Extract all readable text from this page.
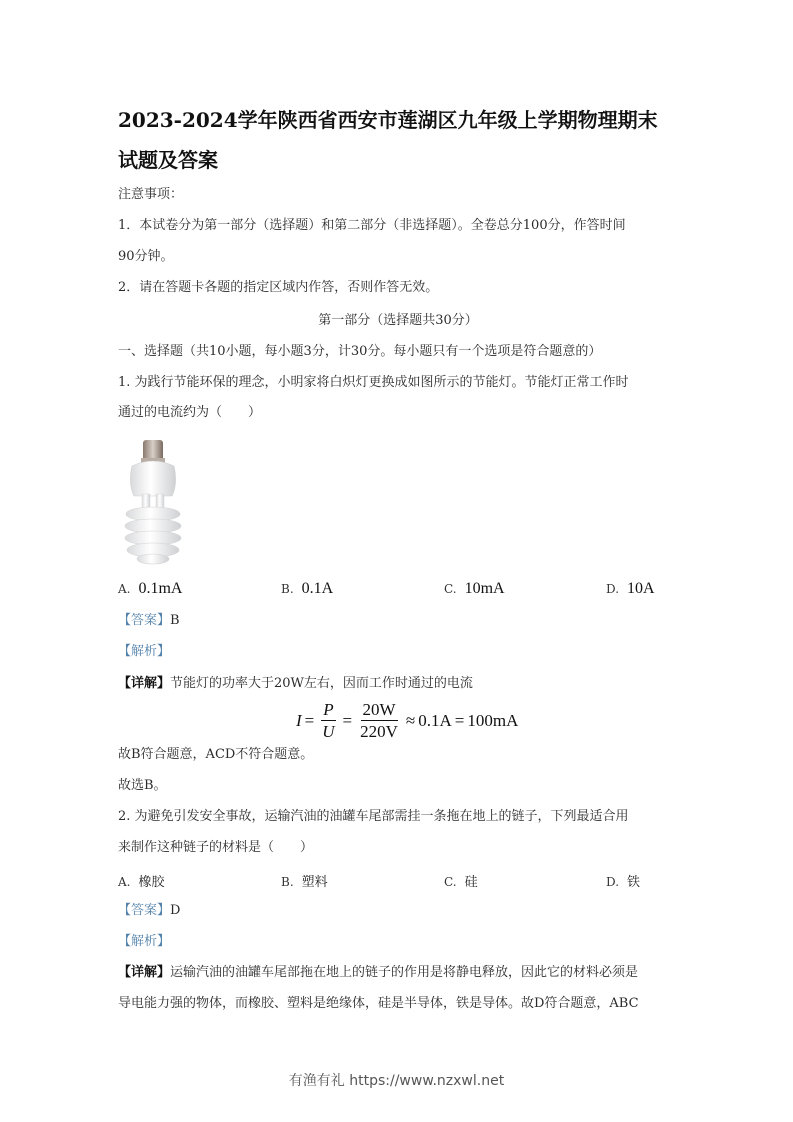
2023-2024学年陕西省西安市莲湖区九年级上学期物理期末
试题及答案
注意事项：
1．本试卷分为第一部分（选择题）和第二部分（非选择题）。全卷总分100分，作答时间
90分钟。
2．请在答题卡各题的指定区域内作答，否则作答无效。
第一部分（选择题共30分）
一、选择题（共10小题，每小题3分，计30分。每小题只有一个选项是符合题意的）
1. 为践行节能环保的理念，小明家将白炽灯更换成如图所示的节能灯。节能灯正常工作时
通过的电流约为（　　）
A. 0.1mA	B. 0.1A	C. 10mA	D. 10A
【答案】B
【解析】
【详解】节能灯的功率大于20W左右，因而工作时通过的电流
$I = \frac{P}{U} = \frac{20W}{220V} \approx 0.1A = 100mA$
故B符合题意，ACD不符合题意。
故选B。
2. 为避免引发安全事故，运输汽油的油罐车尾部需挂一条拖在地上的链子，下列最适合用
来制作这种链子的材料是（　　）
A. 橡胶	B. 塑料	C. 硅	D. 铁
【答案】D
【解析】
【详解】运输汽油的油罐车尾部拖在地上的链子的作用是将静电释放，因此它的材料必须是
导电能力强的物体，而橡胶、塑料是绝缘体，硅是半导体，铁是导体。故D符合题意，ABC
有渔有礼 https://www.nzxwl.net
